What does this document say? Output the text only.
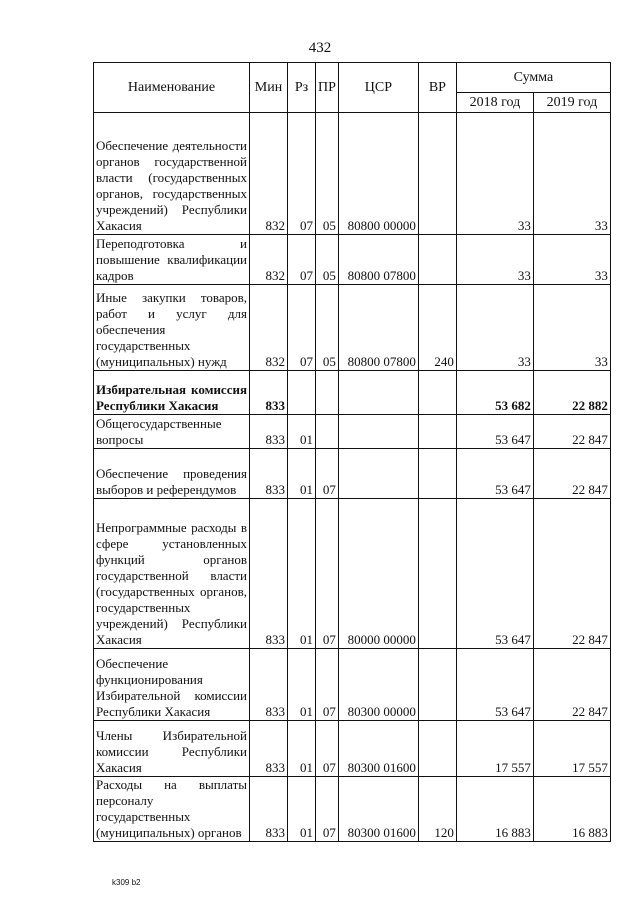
432
Наименование	Мин	Рз	ПР	ЦСР	ВР	Сумма	
						2018 год	2019 год
Обеспечение деятельности органов государственной власти (государственных органов, государственных учреждений) Республики Хакасия	832	07	05	80800 00000		33	33
Переподготовка и повышение квалификации кадров	832	07	05	80800 07800		33	33
Иные закупки товаров, работ и услуг для обеспечения государственных (муниципальных) нужд	832	07	05	80800 07800	240	33	33
Избирательная комиссия Республики Хакасия	833					53 682	22 882
Общегосударственные вопросы	833	01				53 647	22 847
Обеспечение проведения выборов и референдумов	833	01	07			53 647	22 847
Непрограммные расходы в сфере установленных функций органов государственной власти (государственных органов, государственных учреждений) Республики Хакасия	833	01	07	80000 00000		53 647	22 847
Обеспечение функционирования Избирательной комиссии Республики Хакасия	833	01	07	80300 00000		53 647	22 847
Члены Избирательной комиссии Республики Хакасия	833	01	07	80300 01600		17 557	17 557
Расходы на выплаты персоналу государственных (муниципальных) органов	833	01	07	80300 01600	120	16 883	16 883
k309 b2
